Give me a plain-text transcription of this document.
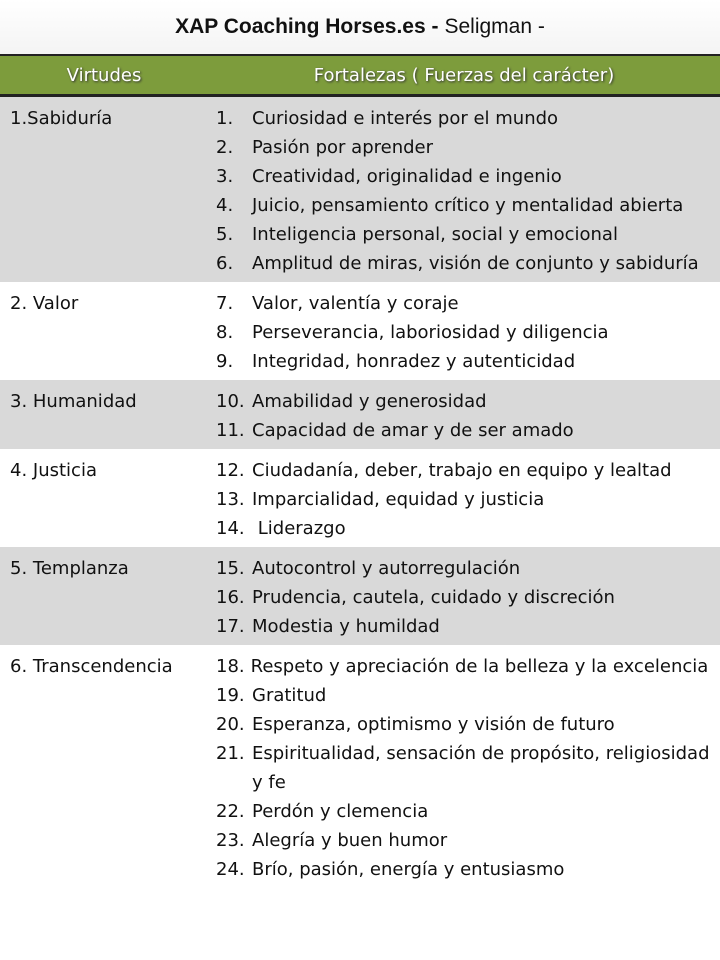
XAP Coaching Horses.es - Seligman -
Virtudes	Fortalezas ( Fuerzas del carácter)
1.Sabiduría	1.	Curiosidad e interés por el mundo
2.	Pasión por aprender
3.	Creatividad, originalidad e ingenio
4.	Juicio, pensamiento crítico y mentalidad abierta
5.	Inteligencia personal, social y emocional
6.	Amplitud de miras, visión de conjunto y sabiduría
2. Valor	7.	Valor, valentía y coraje
8.	Perseverancia, laboriosidad y diligencia
9.	Integridad, honradez y autenticidad
3. Humanidad	10. Amabilidad y generosidad
11. Capacidad de amar y de ser amado
4. Justicia	12. Ciudadanía, deber, trabajo en equipo y lealtad
13. Imparcialidad, equidad y justicia
14. Liderazgo
5. Templanza	15. Autocontrol y autorregulación
16. Prudencia, cautela, cuidado y discreción
17. Modestia y humildad
6. Transcendencia	18. Respeto y apreciación de la belleza y la excelencia
19. Gratitud
20. Esperanza, optimismo y visión de futuro
21. Espiritualidad, sensación de propósito, religiosidad y fe
22. Perdón y clemencia
23. Alegría y buen humor
24. Brío, pasión, energía y entusiasmo
